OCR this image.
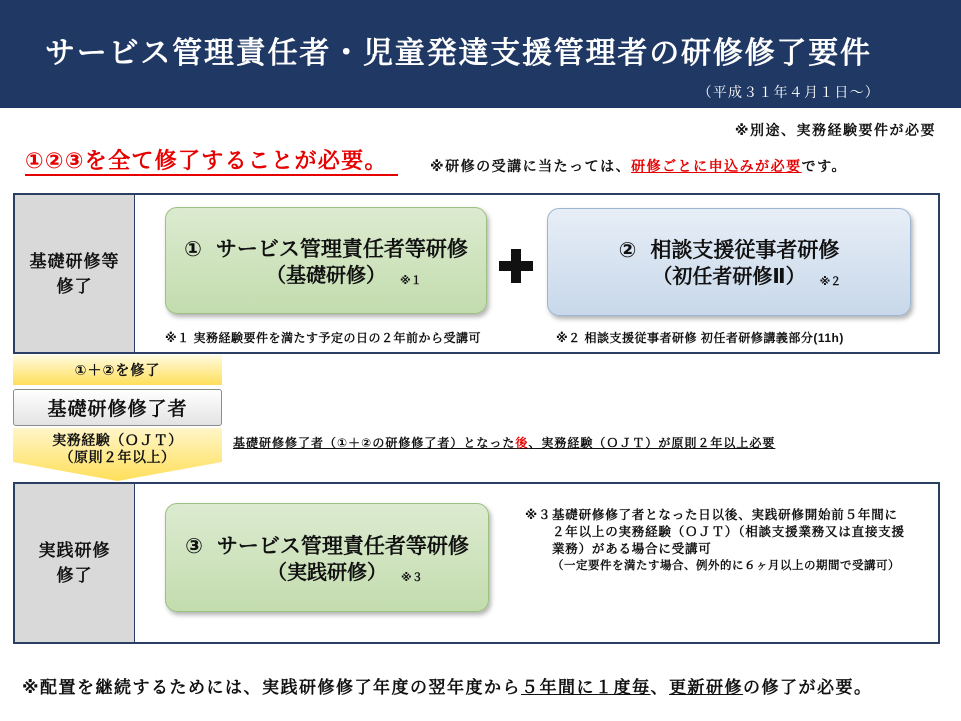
サービス管理責任者・児童発達支援管理者の研修修了要件
（平成３１年４月１日～）
※別途、実務経験要件が必要
①②③を全て修了することが必要。	※研修の受講に当たっては、研修ごとに申込みが必要です。
基礎研修等
修了
① サービス管理責任者等研修
（基礎研修） ※１
② 相談支援従事者研修
（初任者研修Ⅱ） ※２
※１ 実務経験要件を満たす予定の日の２年前から受講可	※２ 相談支援従事者研修 初任者研修講義部分(11h)
①＋②を修了
基礎研修修了者
実務経験（ＯＪＴ）
（原則２年以上）
基礎研修修了者（①＋②の研修修了者）となった後、実務経験（ＯＪＴ）が原則２年以上必要
実践研修
修了
③ サービス管理責任者等研修
（実践研修） ※３
※３ 基礎研修修了者となった日以後、実践研修開始前５年間に
２年以上の実務経験（ＯＪＴ）（相談支援業務又は直接支援
業務）がある場合に受講可
（一定要件を満たす場合、例外的に６ヶ月以上の期間で受講可）
※配置を継続するためには、実践研修修了年度の翌年度から５年間に１度毎、更新研修の修了が必要。
